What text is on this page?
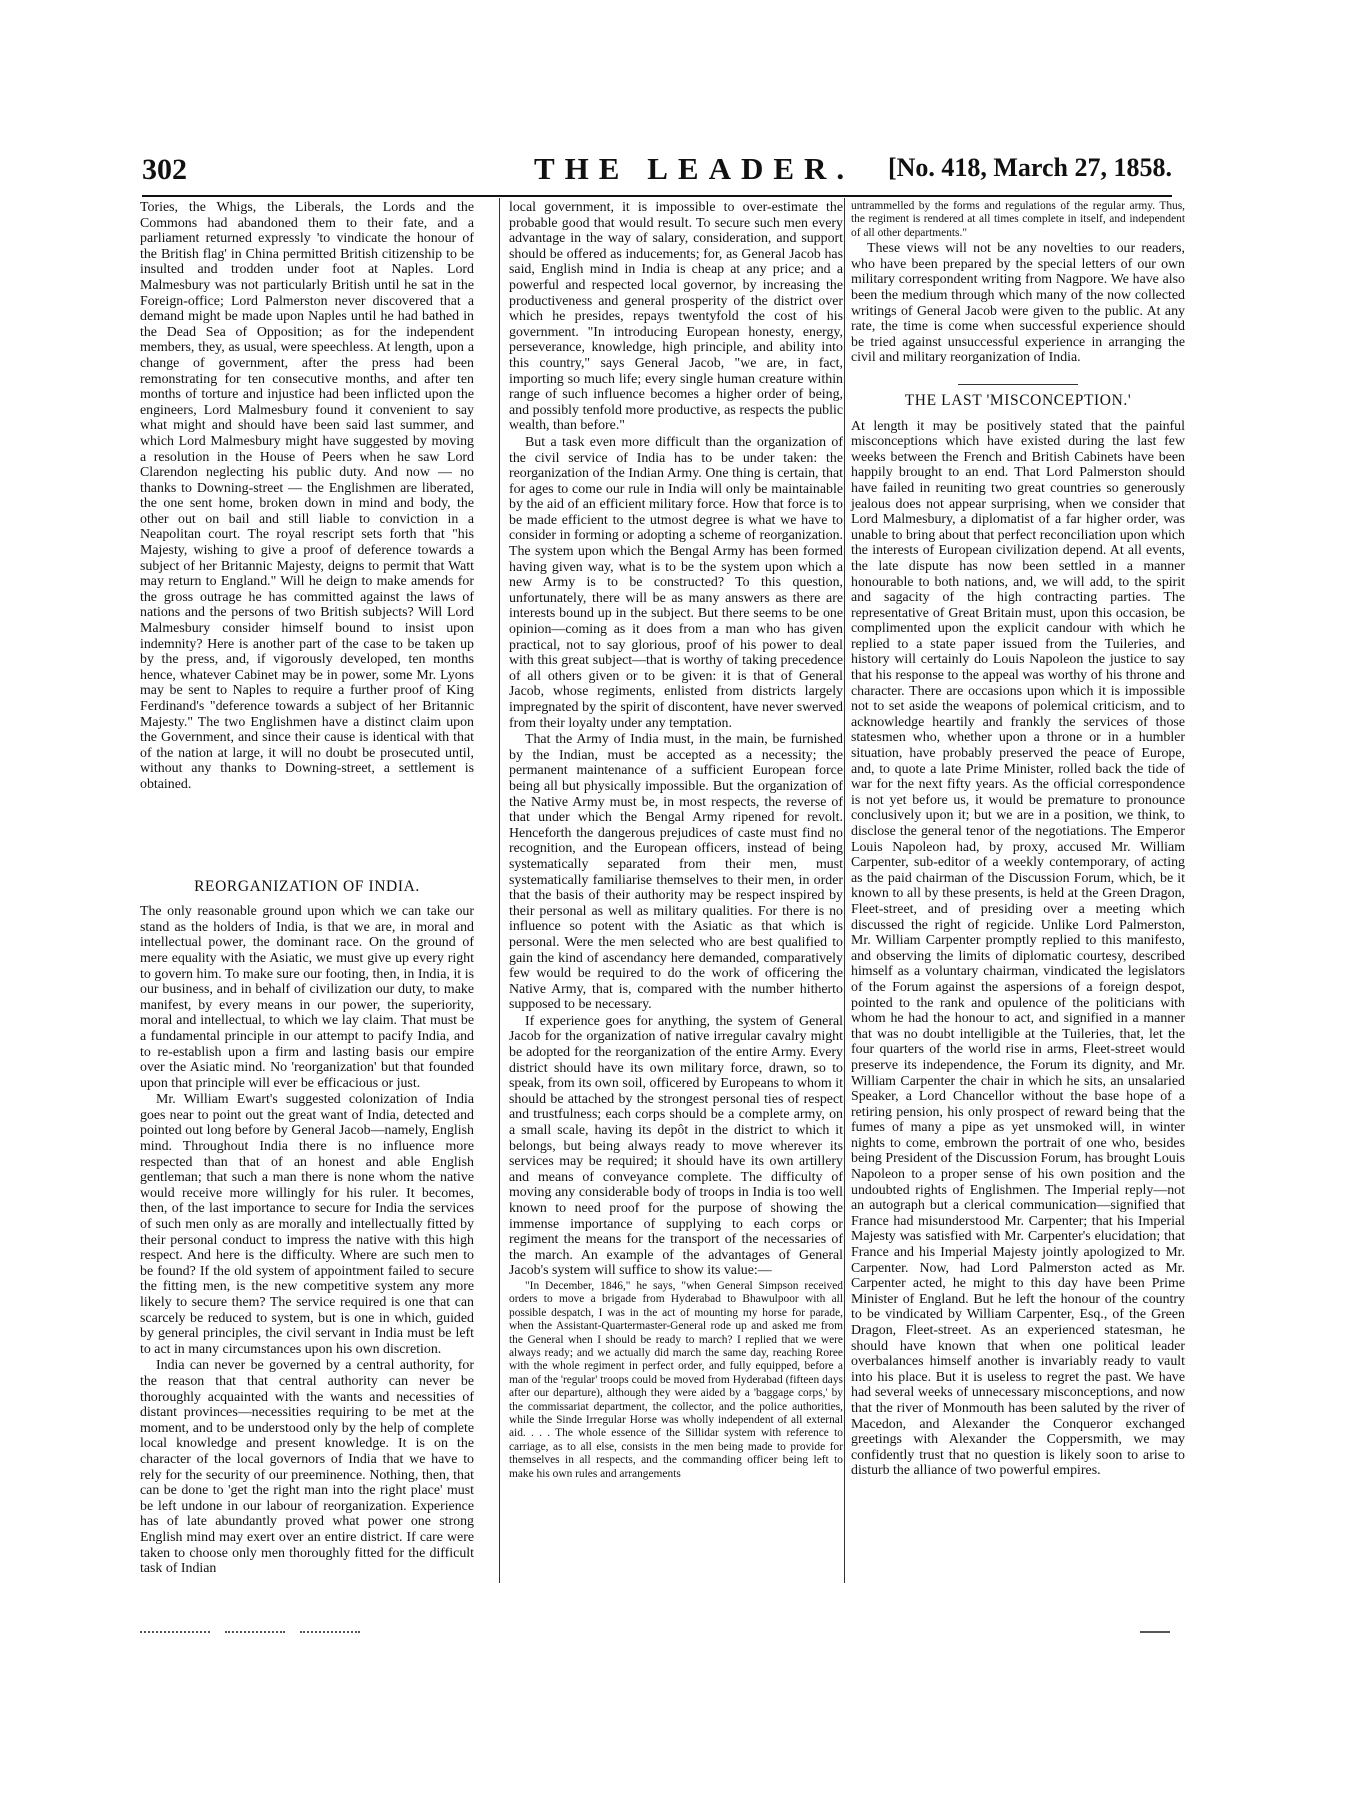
302	THE LEADER. [No. 418, March 27, 1858.

Tories, the Whigs, the Liberals, the Lords and the Commons had abandoned them to their fate, and a parliament returned expressly 'to vindicate the honour of the British flag' in China permitted British citizenship to be insulted and trodden under foot at Naples. Lord Malmesbury was not particularly British until he sat in the Foreign-office; Lord Palmerston never discovered that a demand might be made upon Naples until he had bathed in the Dead Sea of Opposition; as for the independent members, they, as usual, were speechless. At length, upon a change of government, after the press had been remonstrating for ten consecutive months, and after ten months of torture and injustice had been inflicted upon the engineers, Lord Malmesbury found it convenient to say what might and should have been said last summer, and which Lord Malmesbury might have suggested by moving a resolution in the House of Peers when he saw Lord Clarendon neglecting his public duty. And now — no thanks to Downing-street — the Englishmen are liberated, the one sent home, broken down in mind and body, the other out on bail and still liable to conviction in a Neapolitan court. The royal rescript sets forth that "his Majesty, wishing to give a proof of deference towards a subject of her Britannic Majesty, deigns to permit that Watt may return to England." Will he deign to make amends for the gross outrage he has committed against the laws of nations and the persons of two British subjects? Will Lord Malmesbury consider himself bound to insist upon indemnity? Here is another part of the case to be taken up by the press, and, if vigorously developed, ten months hence, whatever Cabinet may be in power, some Mr. Lyons may be sent to Naples to require a further proof of King Ferdinand's "deference towards a subject of her Britannic Majesty." The two Englishmen have a distinct claim upon the Government, and since their cause is identical with that of the nation at large, it will no doubt be prosecuted until, without any thanks to Downing-street, a settlement is obtained.

REORGANIZATION OF INDIA.

The only reasonable ground upon which we can take our stand as the holders of India, is that we are, in moral and intellectual power, the dominant race. On the ground of mere equality with the Asiatic, we must give up every right to govern him. To make sure our footing, then, in India, it is our business, and in behalf of civilization our duty, to make manifest, by every means in our power, the superiority, moral and intellectual, to which we lay claim. That must be a fundamental principle in our attempt to pacify India, and to re-establish upon a firm and lasting basis our empire over the Asiatic mind. No 'reorganization' but that founded upon that principle will ever be efficacious or just.

Mr. William Ewart's suggested colonization of India goes near to point out the great want of India, detected and pointed out long before by General Jacob—namely, English mind. Throughout India there is no influence more respected than that of an honest and able English gentleman; that such a man there is none whom the native would receive more willingly for his ruler. It becomes, then, of the last importance to secure for India the services of such men only as are morally and intellectually fitted by their personal conduct to impress the native with this high respect. And here is the difficulty. Where are such men to be found? If the old system of appointment failed to secure the fitting men, is the new competitive system any more likely to secure them? The service required is one that can scarcely be reduced to system, but is one in which, guided by general principles, the civil servant in India must be left to act in many circumstances upon his own discretion.

India can never be governed by a central authority, for the reason that that central authority can never be thoroughly acquainted with the wants and necessities of distant provinces—necessities requiring to be met at the moment, and to be understood only by the help of complete local knowledge and present knowledge. It is on the character of the local governors of India that we have to rely for the security of our preeminence. Nothing, then, that can be done to 'get the right man into the right place' must be left undone in our labour of reorganization. Experience has of late abundantly proved what power one strong English mind may exert over an entire district. If care were taken to choose only men thoroughly fitted for the difficult task of Indian

local government, it is impossible to over-estimate the probable good that would result. To secure such men every advantage in the way of salary, consideration, and support should be offered as inducements; for, as General Jacob has said, English mind in India is cheap at any price; and a powerful and respected local governor, by increasing the productiveness and general prosperity of the district over which he presides, repays twentyfold the cost of his government. "In introducing European honesty, energy, perseverance, knowledge, high principle, and ability into this country," says General Jacob, "we are, in fact, importing so much life; every single human creature within range of such influence becomes a higher order of being, and possibly tenfold more productive, as respects the public wealth, than before."

But a task even more difficult than the organization of the civil service of India has to be under taken: the reorganization of the Indian Army. One thing is certain, that for ages to come our rule in India will only be maintainable by the aid of an efficient military force. How that force is to be made efficient to the utmost degree is what we have to consider in forming or adopting a scheme of reorganization. The system upon which the Bengal Army has been formed having given way, what is to be the system upon which a new Army is to be constructed? To this question, unfortunately, there will be as many answers as there are interests bound up in the subject. But there seems to be one opinion—coming as it does from a man who has given practical, not to say glorious, proof of his power to deal with this great subject—that is worthy of taking precedence of all others given or to be given: it is that of General Jacob, whose regiments, enlisted from districts largely impregnated by the spirit of discontent, have never swerved from their loyalty under any temptation.

That the Army of India must, in the main, be furnished by the Indian, must be accepted as a necessity; the permanent maintenance of a sufficient European force being all but physically impossible. But the organization of the Native Army must be, in most respects, the reverse of that under which the Bengal Army ripened for revolt. Henceforth the dangerous prejudices of caste must find no recognition, and the European officers, instead of being systematically separated from their men, must systematically familiarise themselves to their men, in order that the basis of their authority may be respect inspired by their personal as well as military qualities. For there is no influence so potent with the Asiatic as that which is personal. Were the men selected who are best qualified to gain the kind of ascendancy here demanded, comparatively few would be required to do the work of officering the Native Army, that is, compared with the number hitherto supposed to be necessary.

If experience goes for anything, the system of General Jacob for the organization of native irregular cavalry might be adopted for the reorganization of the entire Army. Every district should have its own military force, drawn, so to speak, from its own soil, officered by Europeans to whom it should be attached by the strongest personal ties of respect and trustfulness; each corps should be a complete army, on a small scale, having its depôt in the district to which it belongs, but being always ready to move wherever its services may be required; it should have its own artillery and means of conveyance complete. The difficulty of moving any considerable body of troops in India is too well known to need proof for the purpose of showing the immense importance of supplying to each corps or regiment the means for the transport of the necessaries of the march. An example of the advantages of General Jacob's system will suffice to show its value:—

"In December, 1846," he says, "when General Simpson received orders to move a brigade from Hyderabad to Bhawulpoor with all possible despatch, I was in the act of mounting my horse for parade, when the Assistant-Quartermaster-General rode up and asked me from the General when I should be ready to march? I replied that we were always ready; and we actually did march the same day, reaching Roree with the whole regiment in perfect order, and fully equipped, before a man of the 'regular' troops could be moved from Hyderabad (fifteen days after our departure), although they were aided by a 'baggage corps,' by the commissariat department, the collector, and the police authorities, while the Sinde Irregular Horse was wholly independent of all external aid. . . . The whole essence of the Sillidar system with reference to carriage, as to all else, consists in the men being made to provide for themselves in all respects, and the commanding officer being left to make his own rules and arrangements

untrammelled by the forms and regulations of the regular army. Thus, the regiment is rendered at all times complete in itself, and independent of all other departments."

These views will not be any novelties to our readers, who have been prepared by the special letters of our own military correspondent writing from Nagpore. We have also been the medium through which many of the now collected writings of General Jacob were given to the public. At any rate, the time is come when successful experience should be tried against unsuccessful experience in arranging the civil and military reorganization of India.

THE LAST 'MISCONCEPTION.'

At length it may be positively stated that the painful misconceptions which have existed during the last few weeks between the French and British Cabinets have been happily brought to an end. That Lord Palmerston should have failed in reuniting two great countries so generously jealous does not appear surprising, when we consider that Lord Malmesbury, a diplomatist of a far higher order, was unable to bring about that perfect reconciliation upon which the interests of European civilization depend. At all events, the late dispute has now been settled in a manner honourable to both nations, and, we will add, to the spirit and sagacity of the high contracting parties. The representative of Great Britain must, upon this occasion, be complimented upon the explicit candour with which he replied to a state paper issued from the Tuileries, and history will certainly do Louis Napoleon the justice to say that his response to the appeal was worthy of his throne and character. There are occasions upon which it is impossible not to set aside the weapons of polemical criticism, and to acknowledge heartily and frankly the services of those statesmen who, whether upon a throne or in a humbler situation, have probably preserved the peace of Europe, and, to quote a late Prime Minister, rolled back the tide of war for the next fifty years. As the official correspondence is not yet before us, it would be premature to pronounce conclusively upon it; but we are in a position, we think, to disclose the general tenor of the negotiations. The Emperor Louis Napoleon had, by proxy, accused Mr. William Carpenter, sub-editor of a weekly contemporary, of acting as the paid chairman of the Discussion Forum, which, be it known to all by these presents, is held at the Green Dragon, Fleet-street, and of presiding over a meeting which discussed the right of regicide. Unlike Lord Palmerston, Mr. William Carpenter promptly replied to this manifesto, and observing the limits of diplomatic courtesy, described himself as a voluntary chairman, vindicated the legislators of the Forum against the aspersions of a foreign despot, pointed to the rank and opulence of the politicians with whom he had the honour to act, and signified in a manner that was no doubt intelligible at the Tuileries, that, let the four quarters of the world rise in arms, Fleet-street would preserve its independence, the Forum its dignity, and Mr. William Carpenter the chair in which he sits, an unsalaried Speaker, a Lord Chancellor without the base hope of a retiring pension, his only prospect of reward being that the fumes of many a pipe as yet unsmoked will, in winter nights to come, embrown the portrait of one who, besides being President of the Discussion Forum, has brought Louis Napoleon to a proper sense of his own position and the undoubted rights of Englishmen. The Imperial reply—not an autograph but a clerical communication—signified that France had misunderstood Mr. Carpenter; that his Imperial Majesty was satisfied with Mr. Carpenter's elucidation; that France and his Imperial Majesty jointly apologized to Mr. Carpenter. Now, had Lord Palmerston acted as Mr. Carpenter acted, he might to this day have been Prime Minister of England. But he left the honour of the country to be vindicated by William Carpenter, Esq., of the Green Dragon, Fleet-street. As an experienced statesman, he should have known that when one political leader overbalances himself another is invariably ready to vault into his place. But it is useless to regret the past. We have had several weeks of unnecessary misconceptions, and now that the river of Monmouth has been saluted by the river of Macedon, and Alexander the Conqueror exchanged greetings with Alexander the Coppersmith, we may confidently trust that no question is likely soon to arise to disturb the alliance of two powerful empires.
